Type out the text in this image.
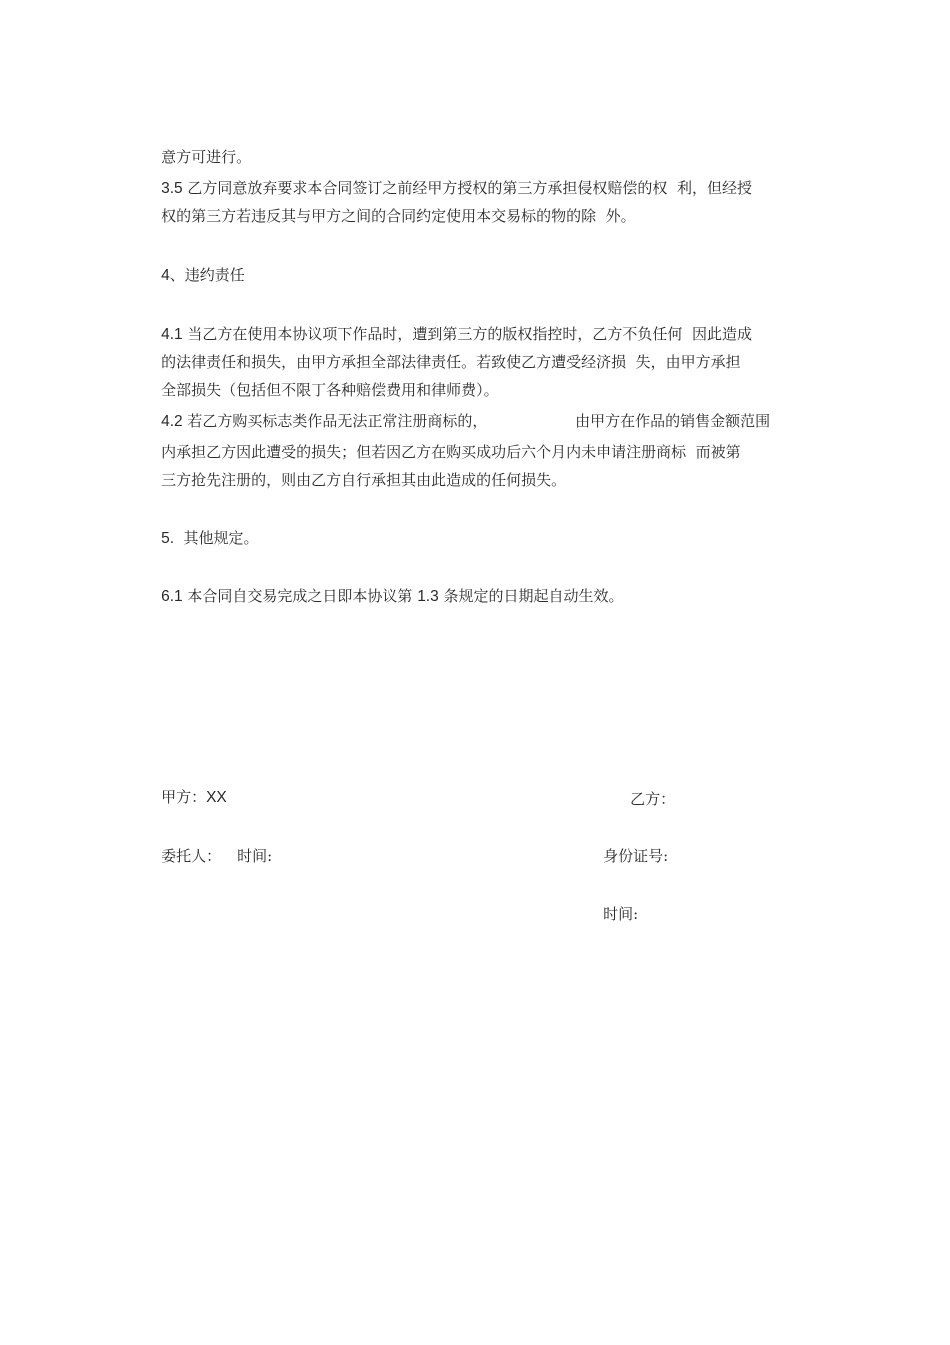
意方可进行。

3.5 乙方同意放弃要求本合同签订之前经甲方授权的第三方承担侵权赔偿的权  利，但经授

权的第三方若违反其与甲方之间的合同约定使用本交易标的物的除  外。

4、违约责任

4.1 当乙方在使用本协议项下作品时，遭到第三方的版权指控时，乙方不负任何  因此造成

的法律责任和损失，由甲方承担全部法律责任。若致使乙方遭受经济损  失，由甲方承担

全部损失（包括但不限丁各种赔偿费用和律师费）。

4.2 若乙方购买标志类作品无法正常注册商标的，
	由甲方在作品的销售金额范围

内承担乙方因此遭受的损失；但若因乙方在购买成功后六个月内未申请注册商标  而被第

三方抢先注册的，则由乙方自行承担其由此造成的任何损失。

5.  其他规定。

6.1 本合同自交易完成之日即本协议第 1.3 条规定的日期起自动生效。

甲方：XX
	乙方：

委托人：
	时间:
	身份证号:

时间:
